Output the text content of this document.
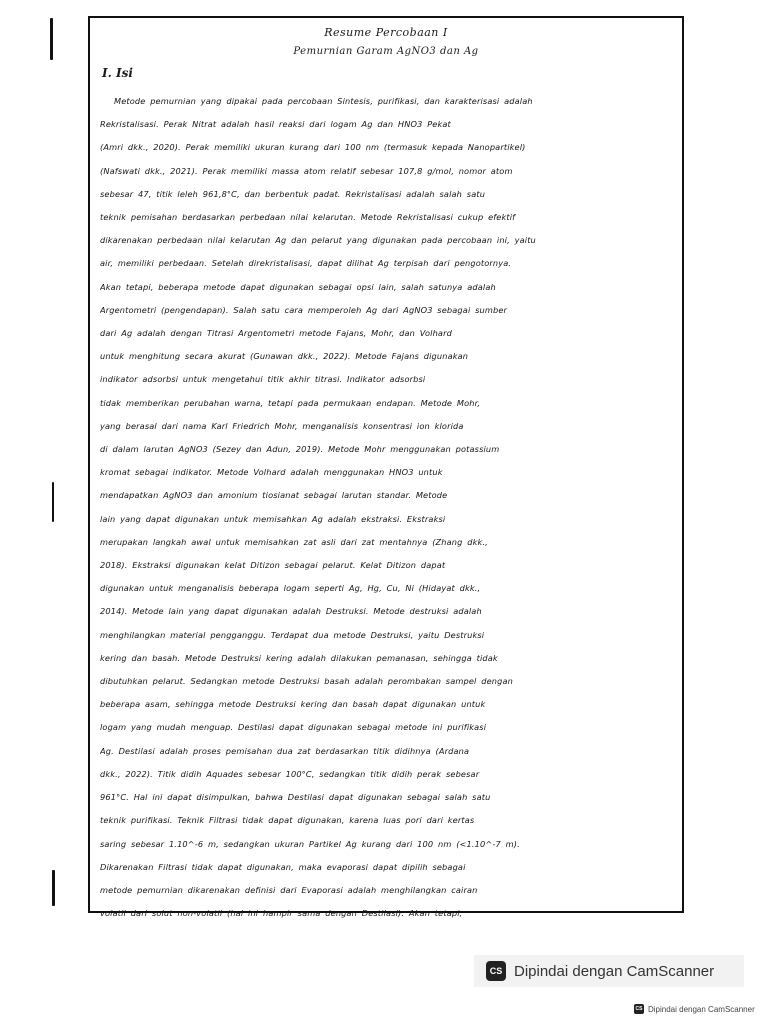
Resume Percobaan I

Pemurnian Garam AgNO3 dan Ag

I. Isi

Metode pemurnian yang dipakai pada percobaan Sintesis, purifikasi, dan karakterisasi adalah
Rekristalisasi. Perak Nitrat adalah hasil reaksi dari logam Ag dan HNO3 Pekat
(Amri dkk., 2020). Perak memiliki ukuran kurang dari 100 nm (termasuk kepada Nanopartikel)
(Nafswati dkk., 2021). Perak memiliki massa atom relatif sebesar 107,8 g/mol, nomor atom
sebesar 47, titik leleh 961,8°C, dan berbentuk padat. Rekristalisasi adalah salah satu
teknik pemisahan berdasarkan perbedaan nilai kelarutan. Metode Rekristalisasi cukup efektif
dikarenakan perbedaan nilai kelarutan Ag dan pelarut yang digunakan pada percobaan ini, yaitu
air, memiliki perbedaan. Setelah direkristalisasi, dapat dilihat Ag terpisah dari pengotornya.
Akan tetapi, beberapa metode dapat digunakan sebagai opsi lain, salah satunya adalah
Argentometri (pengendapan). Salah satu cara memperoleh Ag dari AgNO3 sebagai sumber
dari Ag adalah dengan Titrasi Argentometri metode Fajans, Mohr, dan Volhard
untuk menghitung secara akurat (Gunawan dkk., 2022). Metode Fajans digunakan
indikator adsorbsi untuk mengetahui titik akhir titrasi. Indikator adsorbsi
tidak memberikan perubahan warna, tetapi pada permukaan endapan. Metode Mohr,
yang berasal dari nama Karl Friedrich Mohr, menganalisis konsentrasi ion klorida
di dalam larutan AgNO3 (Sezey dan Adun, 2019). Metode Mohr menggunakan potassium
kromat sebagai indikator. Metode Volhard adalah menggunakan HNO3 untuk
mendapatkan AgNO3 dan amonium tiosianat sebagai larutan standar. Metode
lain yang dapat digunakan untuk memisahkan Ag adalah ekstraksi. Ekstraksi
merupakan langkah awal untuk memisahkan zat asli dari zat mentahnya (Zhang dkk.,
2018). Ekstraksi digunakan kelat Ditizon sebagai pelarut. Kelat Ditizon dapat
digunakan untuk menganalisis beberapa logam seperti Ag, Hg, Cu, Ni (Hidayat dkk.,
2014). Metode lain yang dapat digunakan adalah Destruksi. Metode destruksi adalah
menghilangkan material pengganggu. Terdapat dua metode Destruksi, yaitu Destruksi
kering dan basah. Metode Destruksi kering adalah dilakukan pemanasan, sehingga tidak
dibutuhkan pelarut. Sedangkan metode Destruksi basah adalah perombakan sampel dengan
beberapa asam, sehingga metode Destruksi kering dan basah dapat digunakan untuk
logam yang mudah menguap. Destilasi dapat digunakan sebagai metode ini purifikasi
Ag. Destilasi adalah proses pemisahan dua zat berdasarkan titik didihnya (Ardana
dkk., 2022). Titik didih Aquades sebesar 100°C, sedangkan titik didih perak sebesar
961°C. Hal ini dapat disimpulkan, bahwa Destilasi dapat digunakan sebagai salah satu
teknik purifikasi. Teknik Filtrasi tidak dapat digunakan, karena luas pori dari kertas
saring sebesar 1.10^-6 m, sedangkan ukuran Partikel Ag kurang dari 100 nm (<1.10^-7 m).
Dikarenakan Filtrasi tidak dapat digunakan, maka evaporasi dapat dipilih sebagai
metode pemurnian dikarenakan definisi dari Evaporasi adalah menghilangkan cairan
volatil dari solut non-volatil (hal ini hampir sama dengan Destilasi). Akan tetapi,
CS Dipindai dengan CamScanner
CS Dipindai dengan CamScanner
